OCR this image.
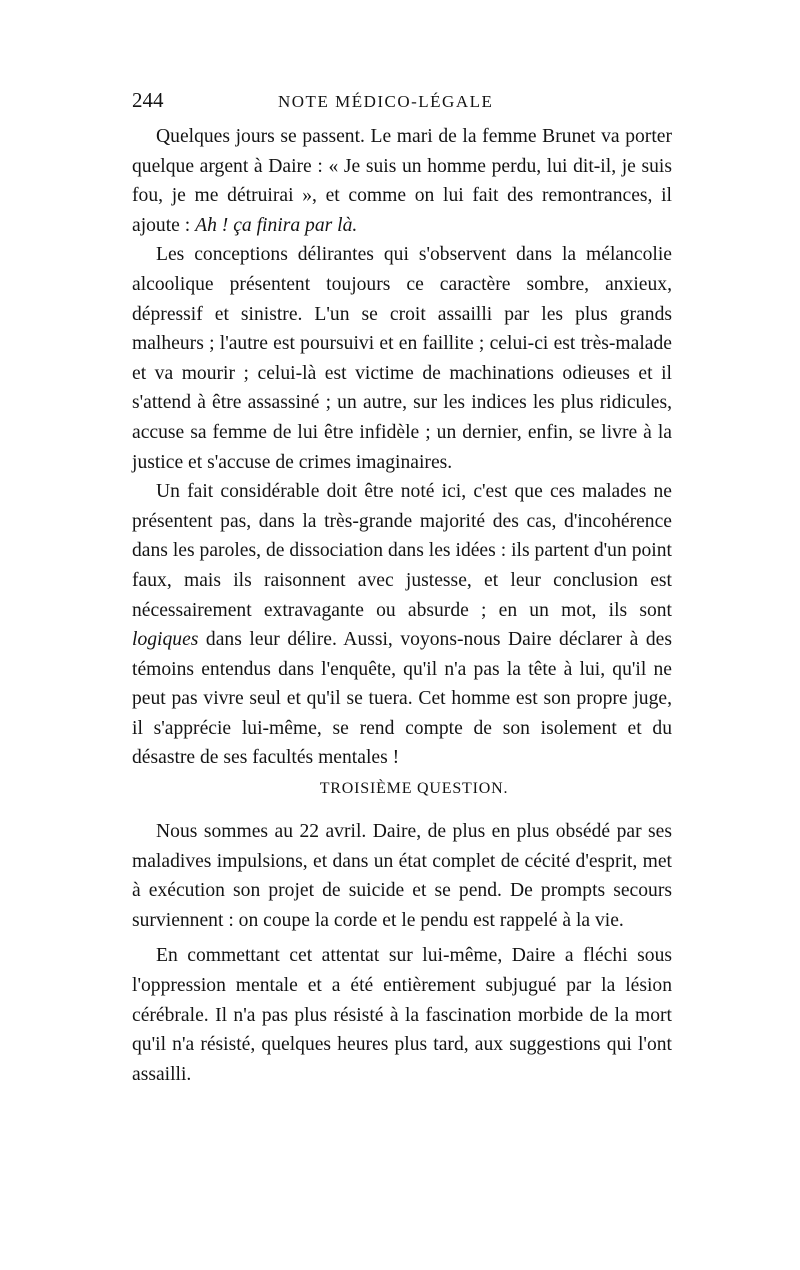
244	NOTE MÉDICO-LÉGALE

Quelques jours se passent. Le mari de la femme Brunet va porter quelque argent à Daire : « Je suis un homme perdu, lui dit-il, je suis fou, je me détruirai », et comme on lui fait des remontrances, il ajoute : Ah ! ça finira par là.

Les conceptions délirantes qui s'observent dans la mélancolie alcoolique présentent toujours ce caractère sombre, anxieux, dépressif et sinistre. L'un se croit assailli par les plus grands malheurs ; l'autre est poursuivi et en faillite ; celui-ci est très-malade et va mourir ; celui-là est victime de machinations odieuses et il s'attend à être assassiné ; un autre, sur les indices les plus ridicules, accuse sa femme de lui être infidèle ; un dernier, enfin, se livre à la justice et s'accuse de crimes imaginaires.

Un fait considérable doit être noté ici, c'est que ces malades ne présentent pas, dans la très-grande majorité des cas, d'incohérence dans les paroles, de dissociation dans les idées : ils partent d'un point faux, mais ils raisonnent avec justesse, et leur conclusion est nécessairement extravagante ou absurde ; en un mot, ils sont logiques dans leur délire. Aussi, voyons-nous Daire déclarer à des témoins entendus dans l'enquête, qu'il n'a pas la tête à lui, qu'il ne peut pas vivre seul et qu'il se tuera. Cet homme est son propre juge, il s'apprécie lui-même, se rend compte de son isolement et du désastre de ses facultés mentales !

TROISIÈME QUESTION.

Nous sommes au 22 avril. Daire, de plus en plus obsédé par ses maladives impulsions, et dans un état complet de cécité d'esprit, met à exécution son projet de suicide et se pend. De prompts secours surviennent : on coupe la corde et le pendu est rappelé à la vie.

En commettant cet attentat sur lui-même, Daire a fléchi sous l'oppression mentale et a été entièrement subjugué par la lésion cérébrale. Il n'a pas plus résisté à la fascination morbide de la mort qu'il n'a résisté, quelques heures plus tard, aux suggestions qui l'ont assailli.
